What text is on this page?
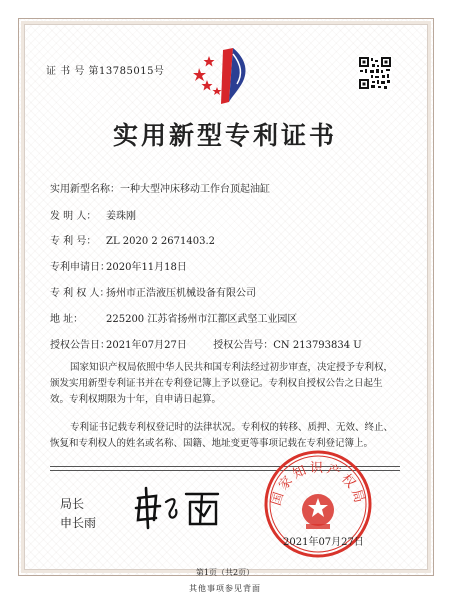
证 书 号 第13785015号
实用新型专利证书
实用新型名称：一种大型冲床移动工作台顶起油缸
发 明 人： 姜珠刚
专 利 号： ZL 2020 2 2671403.2
专利申请日：2020年11月18日
专 利 权 人：扬州市正浩液压机械设备有限公司
地 址： 225200 江苏省扬州市江都区武坚工业园区
授权公告日：2021年07月27日	授权公告号：CN 213793834 U
国家知识产权局依照中华人民共和国专利法经过初步审查，决定授予专利权，颁发实用新型专利证书并在专利登记簿上予以登记。专利权自授权公告之日起生效。专利权期限为十年，自申请日起算。
专利证书记载专利权登记时的法律状况。专利权的转移、质押、无效、终止、恢复和专利权人的姓名或名称、国籍、地址变更等事项记载在专利登记簿上。
局长
申长雨
国家知识产权局
2021年07月27日
第1页（共2页）
其他事项参见背面
